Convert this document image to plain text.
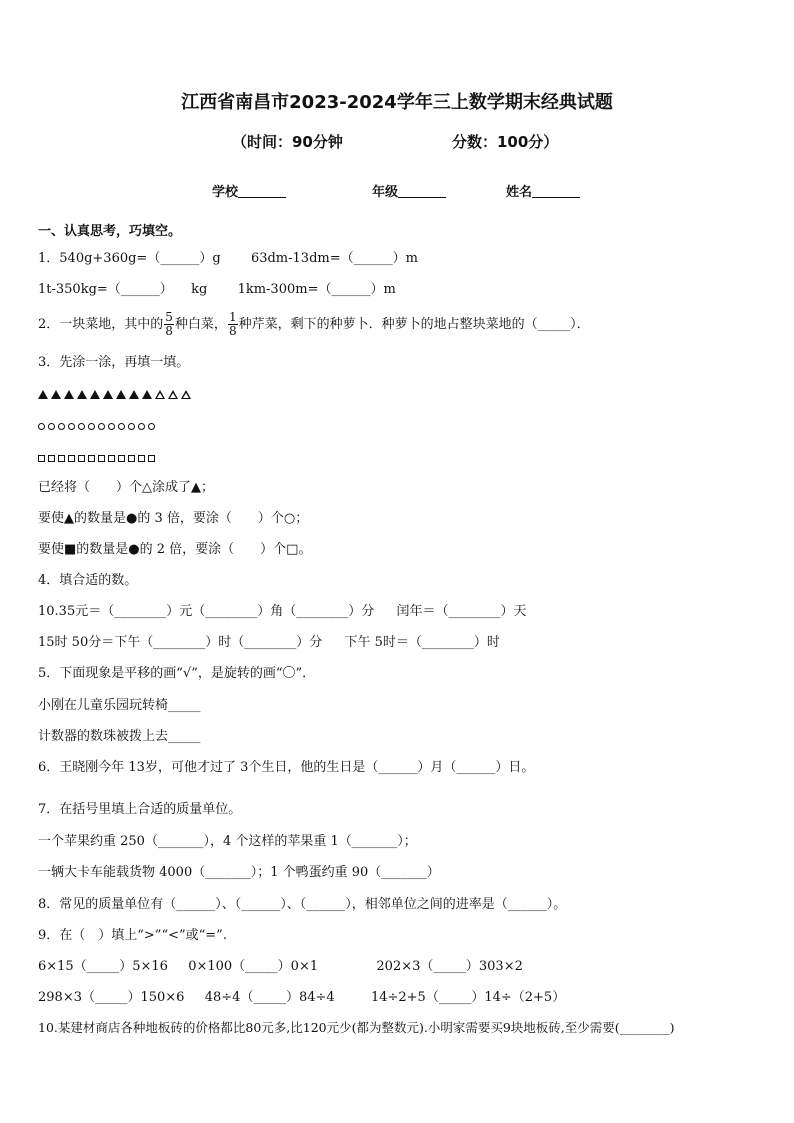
江西省南昌市2023-2024学年三上数学期末经典试题
（时间：90分钟	分数：100分）
学校	年级	姓名
一、认真思考，巧填空。
1．540g+360g=（______）g 63dm-13dm=（______）m
1t-350kg=（______） kg 1km-300m=（______）m
2．一块菜地，其中的 $\frac{5}{8}$ 种白菜， $\frac{1}{8}$ 种芹菜，剩下的种萝卜．种萝卜的地占整块菜地的（_____）．
3．先涂一涂，再填一填。
已经将（　　）个△涂成了▲；
要使▲的数量是●的 3 倍，要涂（　　）个○；
要使■的数量是●的 2 倍，要涂（　　）个□。
4．填合适的数。
10.35元＝（________）元（________）角（________）分 闰年＝（________）天
15时 50分＝下午（________）时（________）分 下午 5时＝（________）时
5．下面现象是平移的画“√”，是旋转的画“〇”．
小刚在儿童乐园玩转椅_____
计数器的数珠被拨上去_____
6．王晓刚今年 13岁，可他才过了 3个生日，他的生日是（______）月（______）日。
7．在括号里填上合适的质量单位。
一个苹果约重 250（_______），4 个这样的苹果重 1（_______）；
一辆大卡车能载货物 4000（_______）；1 个鸭蛋约重 90（_______）
8．常见的质量单位有（______）、（______）、（______），相邻单位之间的进率是（______）。
9．在（　）填上“>”“<”或“=”.
6×15（_____）5×16 0×100（_____）0×1	202×3（_____）303×2
298×3（_____）150×6 48÷4（_____）84÷4	14÷2+5（_____）14÷（2+5）
10.某建材商店各种地板砖的价格都比80元多,比120元少(都为整数元).小明家需要买9块地板砖,至少需要(________)
